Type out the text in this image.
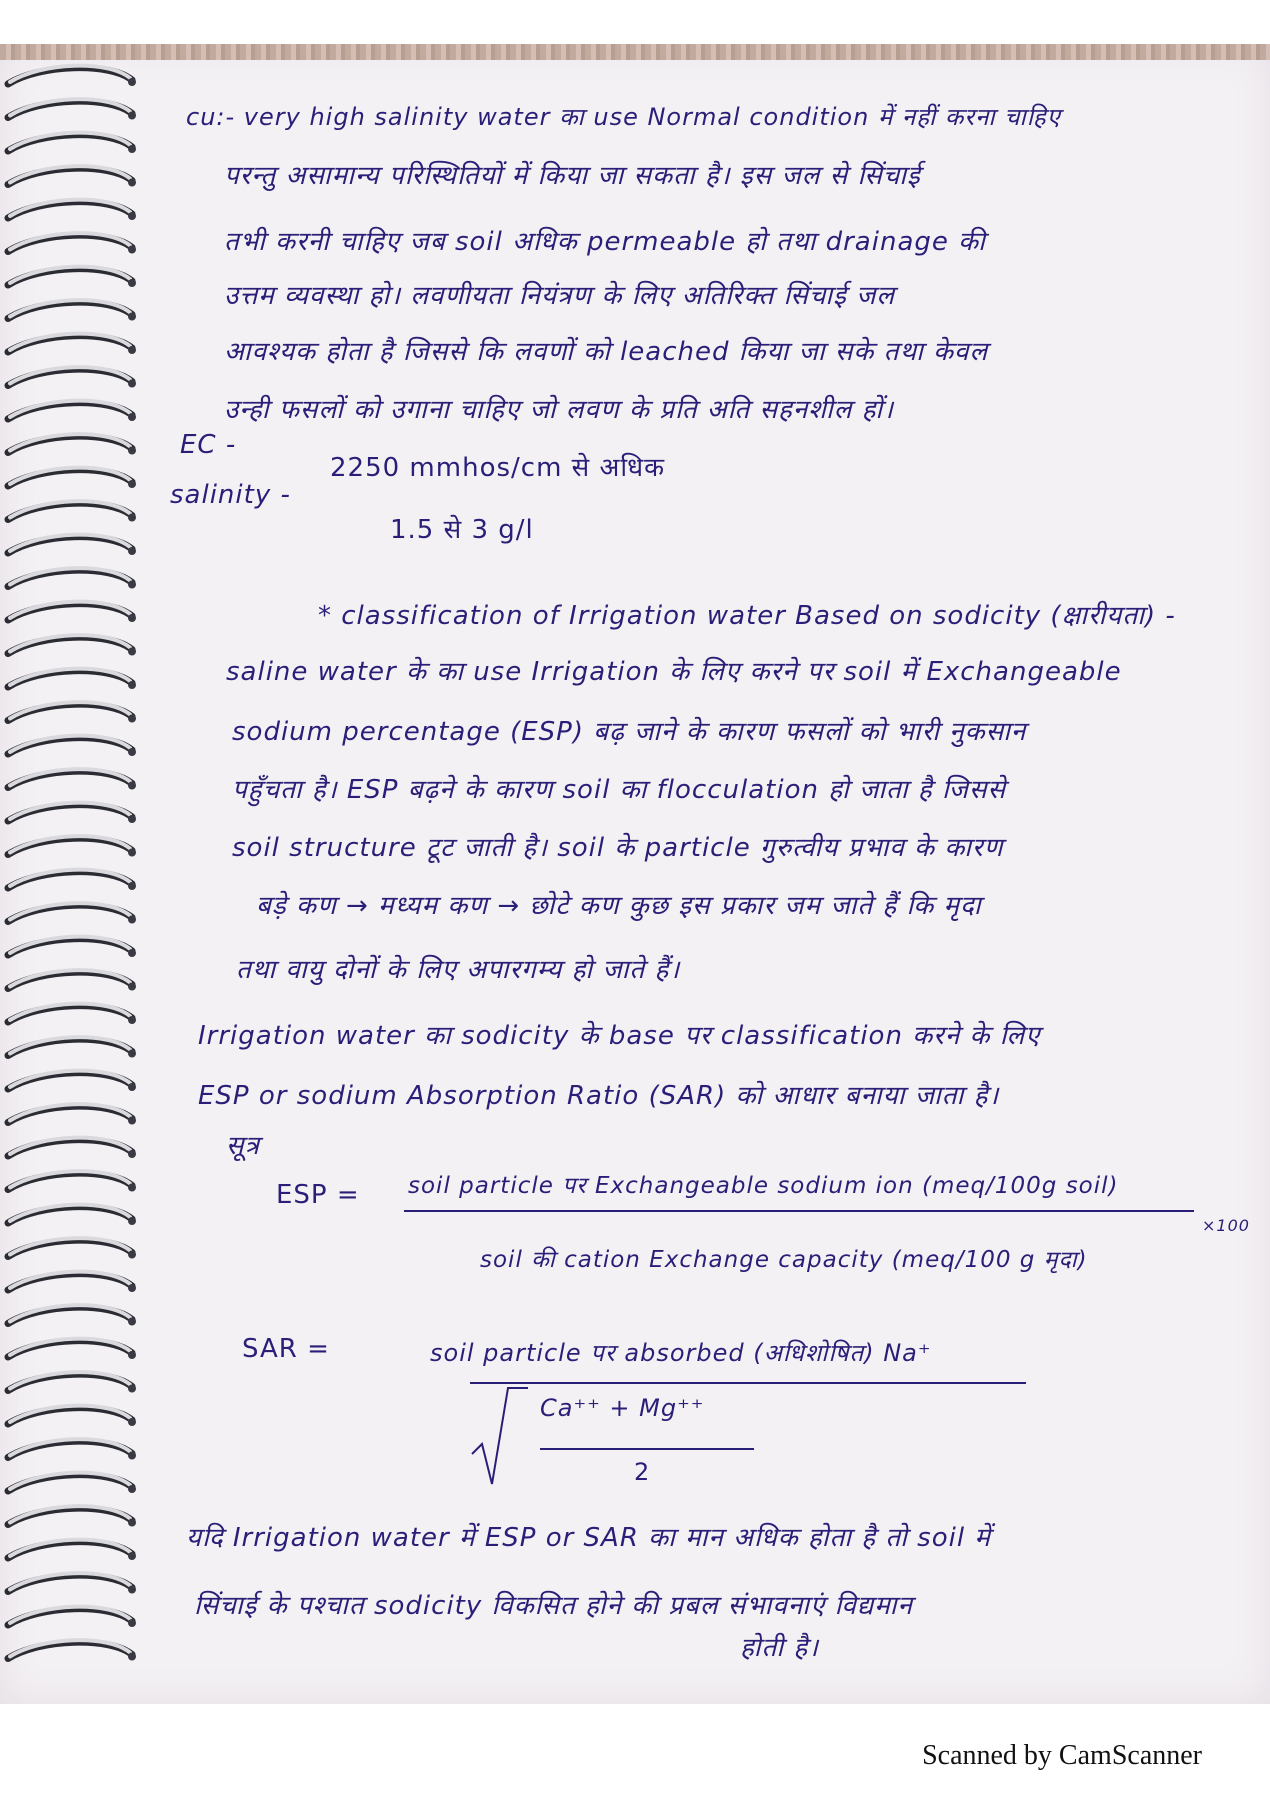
cu:- very high salinity water का use Normal condition में नहीं करना चाहिए
परन्तु असामान्य परिस्थितियों में किया जा सकता है। इस जल से सिंचाई
तभी करनी चाहिए जब soil अधिक permeable हो तथा drainage की
उत्तम व्यवस्था हो। लवणीयता नियंत्रण के लिए अतिरिक्त सिंचाई जल
आवश्यक होता है जिससे कि लवणों को leached किया जा सके तथा केवल
उन्ही फसलों को उगाना चाहिए जो लवण के प्रति अति सहनशील हों।
EC -
2250 mmhos/cm से अधिक
salinity -
1.5 से 3 g/l
* classification of Irrigation water Based on sodicity (क्षारीयता) -
saline water के का use Irrigation के लिए करने पर soil में Exchangeable
sodium percentage (ESP) बढ़ जाने के कारण फसलों को भारी नुकसान
पहुँचता है। ESP बढ़ने के कारण soil का flocculation हो जाता है जिससे
soil structure टूट जाती है। soil के particle गुरुत्वीय प्रभाव के कारण
बड़े कण → मध्यम कण → छोटे कण कुछ इस प्रकार जम जाते हैं कि मृदा
तथा वायु दोनों के लिए अपारगम्य हो जाते हैं।
Irrigation water का sodicity के base पर classification करने के लिए
ESP or sodium Absorption Ratio (SAR) को आधार बनाया जाता है।
सूत्र
ESP = soil particle पर Exchangeable sodium ion (meq/100g soil)
×100
soil की cation Exchange capacity (meq/100 g मृदा)
SAR =	soil particle पर absorbed (अधिशोषित) Na⁺
Ca⁺⁺ + Mg⁺⁺
2
यदि Irrigation water में ESP or SAR का मान अधिक होता है तो soil में
सिंचाई के पश्चात sodicity विकसित होने की प्रबल संभावनाएं विद्यमान
होती है।
Scanned by CamScanner
